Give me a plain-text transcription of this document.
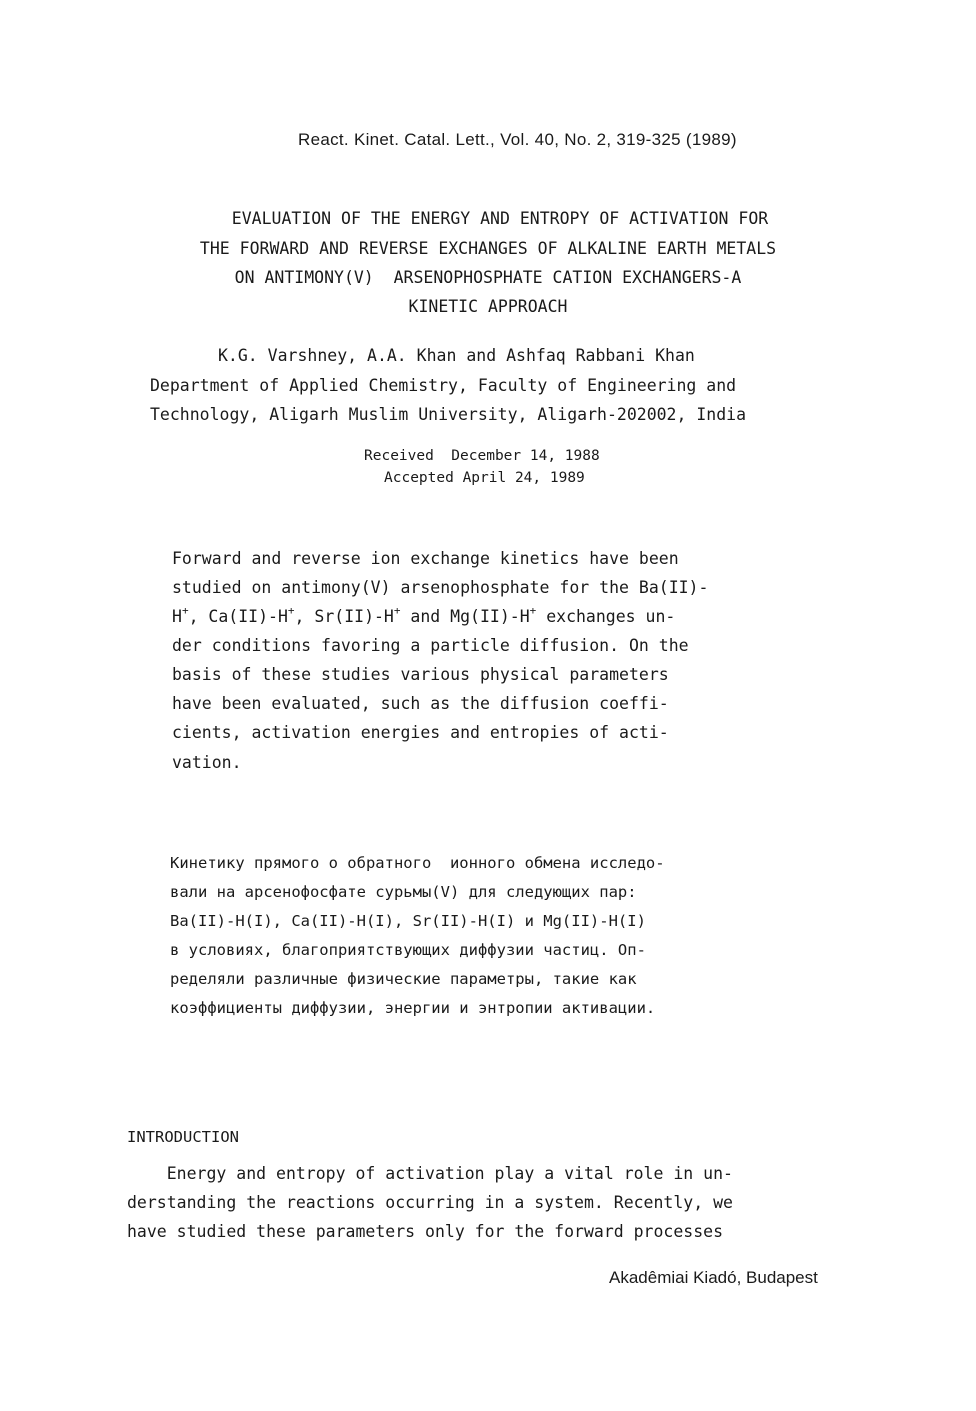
React. Kinet. Catal. Lett., Vol. 40, No. 2, 319-325 (1989)
EVALUATION OF THE ENERGY AND ENTROPY OF ACTIVATION FOR
THE FORWARD AND REVERSE EXCHANGES OF ALKALINE EARTH METALS
ON ANTIMONY(V)  ARSENOPHOSPHATE CATION EXCHANGERS-A
KINETIC APPROACH
K.G. Varshney, A.A. Khan and Ashfaq Rabbani Khan
Department of Applied Chemistry, Faculty of Engineering and
Technology, Aligarh Muslim University, Aligarh-202002, India
Received  December 14, 1988
Accepted April 24, 1989
Forward and reverse ion exchange kinetics have been
studied on antimony(V) arsenophosphate for the Ba(II)-
H+, Ca(II)-H+, Sr(II)-H+ and Mg(II)-H+ exchanges un-
der conditions favoring a particle diffusion. On the
basis of these studies various physical parameters
have been evaluated, such as the diffusion coeffi-
cients, activation energies and entropies of acti-
vation.
Кинетику прямого о обратного  ионного обмена исследо-
вали на арсенофосфате сурьмы(V) для следующих пар:
Ba(II)-H(I), Ca(II)-H(I), Sr(II)-H(I) и Mg(II)-H(I)
в условиях, благоприятствующих диффузии частиц. Оп-
ределяли различные физические параметры, такие как
коэффициенты диффузии, энергии и энтропии активации.
INTRODUCTION
Energy and entropy of activation play a vital role in un-
derstanding the reactions occurring in a system. Recently, we
have studied these parameters only for the forward processes
Akadêmiai Kiadó, Budapest
